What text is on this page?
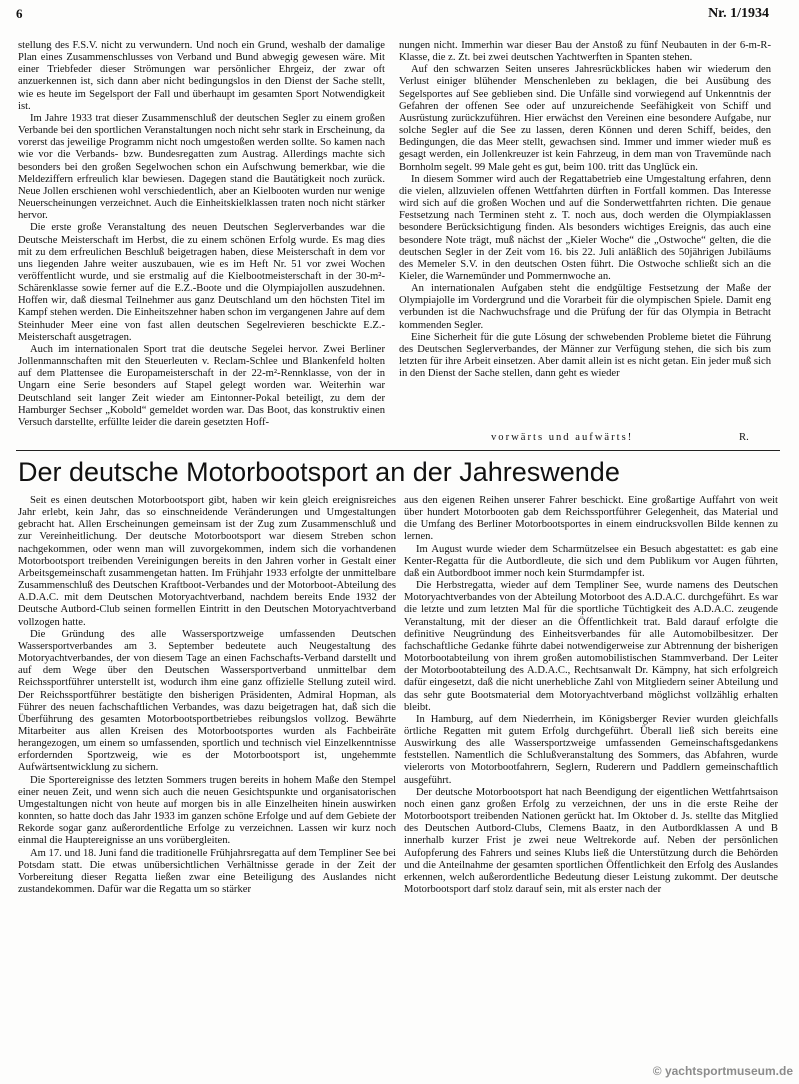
6	Nr. 1/1934

stellung des F.S.V. nicht zu verwundern. Und noch ein Grund, weshalb der damalige Plan eines Zusammenschlusses von Verband und Bund abwegig gewesen wäre. Mit einer Triebfeder dieser Strömungen war persönlicher Ehrgeiz, der zwar oft anzuerkennen ist, sich dann aber nicht bedingungslos in den Dienst der Sache stellt, wie es heute im Segelsport der Fall und überhaupt im gesamten Sport Notwendigkeit ist.

Im Jahre 1933 trat dieser Zusammenschluß der deutschen Segler zu einem großen Verbande bei den sportlichen Veranstaltungen noch nicht sehr stark in Erscheinung, da vorerst das jeweilige Programm nicht noch umgestoßen werden sollte. So kamen nach wie vor die Verbands- bzw. Bundesregatten zum Austrag. Allerdings machte sich besonders bei den großen Segelwochen schon ein Aufschwung bemerkbar, wie die Meldeziffern erfreulich klar bewiesen. Dagegen stand die Bautätigkeit noch zurück. Neue Jollen erschienen wohl verschiedentlich, aber an Kielbooten wurden nur wenige Neuerscheinungen verzeichnet. Auch die Einheitskielklassen traten noch nicht stärker hervor.

Die erste große Veranstaltung des neuen Deutschen Seglerverbandes war die Deutsche Meisterschaft im Herbst, die zu einem schönen Erfolg wurde. Es mag dies mit zu dem erfreulichen Beschluß beigetragen haben, diese Meisterschaft in dem vor uns liegenden Jahre weiter auszubauen, wie es im Heft Nr. 51 vor zwei Wochen veröffentlicht wurde, und sie erstmalig auf die Kielbootmeisterschaft in der 30-m²-Schärenklasse sowie ferner auf die E.Z.-Boote und die Olympiajollen auszudehnen. Hoffen wir, daß diesmal Teilnehmer aus ganz Deutschland um den höchsten Titel im Kampf stehen werden. Die Einheitszehner haben schon im vergangenen Jahre auf dem Steinhuder Meer eine von fast allen deutschen Segelrevieren beschickte E.Z.-Meisterschaft ausgetragen.

Auch im internationalen Sport trat die deutsche Segelei hervor. Zwei Berliner Jollenmannschaften mit den Steuerleuten v. Reclam-Schlee und Blankenfeld holten auf dem Plattensee die Europameisterschaft in der 22-m²-Rennklasse, von der in Ungarn eine Serie besonders auf Stapel gelegt worden war. Weiterhin war Deutschland seit langer Zeit wieder am Eintonner-Pokal beteiligt, zu dem der Hamburger Sechser „Kobold“ gemeldet worden war. Das Boot, das konstruktiv einen Versuch darstellte, erfüllte leider die darein gesetzten Hoff-

nungen nicht. Immerhin war dieser Bau der Anstoß zu fünf Neubauten in der 6-m-R-Klasse, die z. Zt. bei zwei deutschen Yachtwerften in Spanten stehen.

Auf den schwarzen Seiten unseres Jahresrückblickes haben wir wiederum den Verlust einiger blühender Menschenleben zu beklagen, die bei Ausübung des Segelsportes auf See geblieben sind. Die Unfälle sind vorwiegend auf Unkenntnis der Gefahren der offenen See oder auf unzureichende Seefähigkeit von Schiff und Ausrüstung zurückzuführen. Hier erwächst den Vereinen eine besondere Aufgabe, nur solche Segler auf die See zu lassen, deren Können und deren Schiff, beides, den Bedingungen, die das Meer stellt, gewachsen sind. Immer und immer wieder muß es gesagt werden, ein Jollenkreuzer ist kein Fahrzeug, in dem man von Travemünde nach Bornholm segelt. 99 Male geht es gut, beim 100. tritt das Unglück ein.

In diesem Sommer wird auch der Regattabetrieb eine Umgestaltung erfahren, denn die vielen, allzuvielen offenen Wettfahrten dürften in Fortfall kommen. Das Interesse wird sich auf die großen Wochen und auf die Sonderwettfahrten richten. Die genaue Festsetzung nach Terminen steht z. T. noch aus, doch werden die Olympiaklassen besondere Berücksichtigung finden. Als besonders wichtiges Ereignis, das auch eine besondere Note trägt, muß nächst der „Kieler Woche“ die „Ostwoche“ gelten, die die deutschen Segler in der Zeit vom 16. bis 22. Juli anläßlich des 50jährigen Jubiläums des Memeler S.V. in den deutschen Osten führt. Die Ostwoche schließt sich an die Kieler, die Warnemünder und Pommernwoche an.

An internationalen Aufgaben steht die endgültige Festsetzung der Maße der Olympiajolle im Vordergrund und die Vorarbeit für die olympischen Spiele. Damit eng verbunden ist die Nachwuchsfrage und die Prüfung der für das Olympia in Betracht kommenden Segler.

Eine Sicherheit für die gute Lösung der schwebenden Probleme bietet die Führung des Deutschen Seglerverbandes, der Männer zur Verfügung stehen, die sich bis zum letzten für ihre Arbeit einsetzen. Aber damit allein ist es nicht getan. Ein jeder muß sich in den Dienst der Sache stellen, dann geht es wieder

vorwärts und aufwärts!	R.
Der deutsche Motorbootsport an der Jahreswende

Seit es einen deutschen Motorbootsport gibt, haben wir kein gleich ereignisreiches Jahr erlebt, kein Jahr, das so einschneidende Veränderungen und Umgestaltungen gebracht hat. Allen Erscheinungen gemeinsam ist der Zug zum Zusammenschluß und zur Vereinheitlichung. Der deutsche Motorbootsport war diesem Streben schon nachgekommen, oder wenn man will zuvorgekommen, indem sich die vorhandenen Motorbootsport treibenden Vereinigungen bereits in den Jahren vorher in Gestalt einer Arbeitsgemeinschaft zusammengetan hatten. Im Frühjahr 1933 erfolgte der unmittelbare Zusammenschluß des Deutschen Kraftboot-Verbandes und der Motorboot-Abteilung des A.D.A.C. mit dem Deutschen Motoryachtverband, nachdem bereits Ende 1932 der Deutsche Autbord-Club seinen formellen Eintritt in den Deutschen Motoryachtverband vollzogen hatte.

Die Gründung des alle Wassersportzweige umfassenden Deutschen Wassersportverbandes am 3. September bedeutete auch Neugestaltung des Motoryachtverbandes, der von diesem Tage an einen Fachschafts-Verband darstellt und auf dem Wege über den Deutschen Wassersportverband unmittelbar dem Reichssportführer unterstellt ist, wodurch ihm eine ganz offizielle Stellung zuteil wird. Der Reichssportführer bestätigte den bisherigen Präsidenten, Admiral Hopman, als Führer des neuen fachschaftlichen Verbandes, was dazu beigetragen hat, daß sich die Überführung des gesamten Motorbootsportbetriebes reibungslos vollzog. Bewährte Mitarbeiter aus allen Kreisen des Motorbootsportes wurden als Fachbeiräte herangezogen, um einem so umfassenden, sportlich und technisch viel Einzelkenntnisse erfordernden Sportzweig, wie es der Motorbootsport ist, ungehemmte Aufwärtsentwicklung zu sichern.

Die Sportereignisse des letzten Sommers trugen bereits in hohem Maße den Stempel einer neuen Zeit, und wenn sich auch die neuen Gesichtspunkte und organisatorischen Umgestaltungen nicht von heute auf morgen bis in alle Einzelheiten hinein auswirken konnten, so hatte doch das Jahr 1933 im ganzen schöne Erfolge und auf dem Gebiete der Rekorde sogar ganz außerordentliche Erfolge zu verzeichnen. Lassen wir kurz noch einmal die Hauptereignisse an uns vorübergleiten.

Am 17. und 18. Juni fand die traditionelle Frühjahrsregatta auf dem Templiner See bei Potsdam statt. Die etwas unübersichtlichen Verhältnisse gerade in der Zeit der Vorbereitung dieser Regatta ließen zwar eine Beteiligung des Auslandes nicht zustandekommen. Dafür war die Regatta um so stärker

aus den eigenen Reihen unserer Fahrer beschickt. Eine großartige Auffahrt von weit über hundert Motorbooten gab dem Reichssportführer Gelegenheit, das Material und die Umfang des Berliner Motorbootsportes in einem eindrucksvollen Bilde kennen zu lernen.

Im August wurde wieder dem Scharmützelsee ein Besuch abgestattet: es gab eine Kenter-Regatta für die Autbordleute, die sich und dem Publikum vor Augen führten, daß ein Autbordboot immer noch kein Sturmdampfer ist.

Die Herbstregatta, wieder auf dem Templiner See, wurde namens des Deutschen Motoryachtverbandes von der Abteilung Motorboot des A.D.A.C. durchgeführt. Es war die letzte und zum letzten Mal für die sportliche Tüchtigkeit des A.D.A.C. zeugende Veranstaltung, mit der dieser an die Öffentlichkeit trat. Bald darauf erfolgte die definitive Neugründung des Einheitsverbandes für alle Automobilbesitzer. Der fachschaftliche Gedanke führte dabei notwendigerweise zur Abtrennung der bisherigen Motorbootabteilung von ihrem großen automobilistischen Stammverband. Der Leiter der Motorbootabteilung des A.D.A.C., Rechtsanwalt Dr. Kämpny, hat sich erfolgreich dafür eingesetzt, daß die nicht unerhebliche Zahl von Mitgliedern seiner Abteilung und das sehr gute Bootsmaterial dem Motoryachtverband möglichst vollzählig erhalten bleibt.

In Hamburg, auf dem Niederrhein, im Königsberger Revier wurden gleichfalls örtliche Regatten mit gutem Erfolg durchgeführt. Überall ließ sich bereits eine Auswirkung des alle Wassersportzweige umfassenden Gemeinschaftsgedankens feststellen. Namentlich die Schlußveranstaltung des Sommers, das Abfahren, wurde vielerorts von Motorbootfahrern, Seglern, Ruderern und Paddlern gemeinschaftlich ausgeführt.

Der deutsche Motorbootsport hat nach Beendigung der eigentlichen Wettfahrtsaison noch einen ganz großen Erfolg zu verzeichnen, der uns in die erste Reihe der Motorbootsport treibenden Nationen gerückt hat. Im Oktober d. Js. stellte das Mitglied des Deutschen Autbord-Clubs, Clemens Baatz, in den Autbordklassen A und B innerhalb kurzer Frist je zwei neue Weltrekorde auf. Neben der persönlichen Aufopferung des Fahrers und seines Klubs ließ die Unterstützung durch die Behörden und die Anteilnahme der gesamten sportlichen Öffentlichkeit den Erfolg des Auslandes erkennen, welch außerordentliche Bedeutung dieser Leistung zukommt. Der deutsche Motorbootsport darf stolz darauf sein, mit als erster nach der

© yachtsportmuseum.de
